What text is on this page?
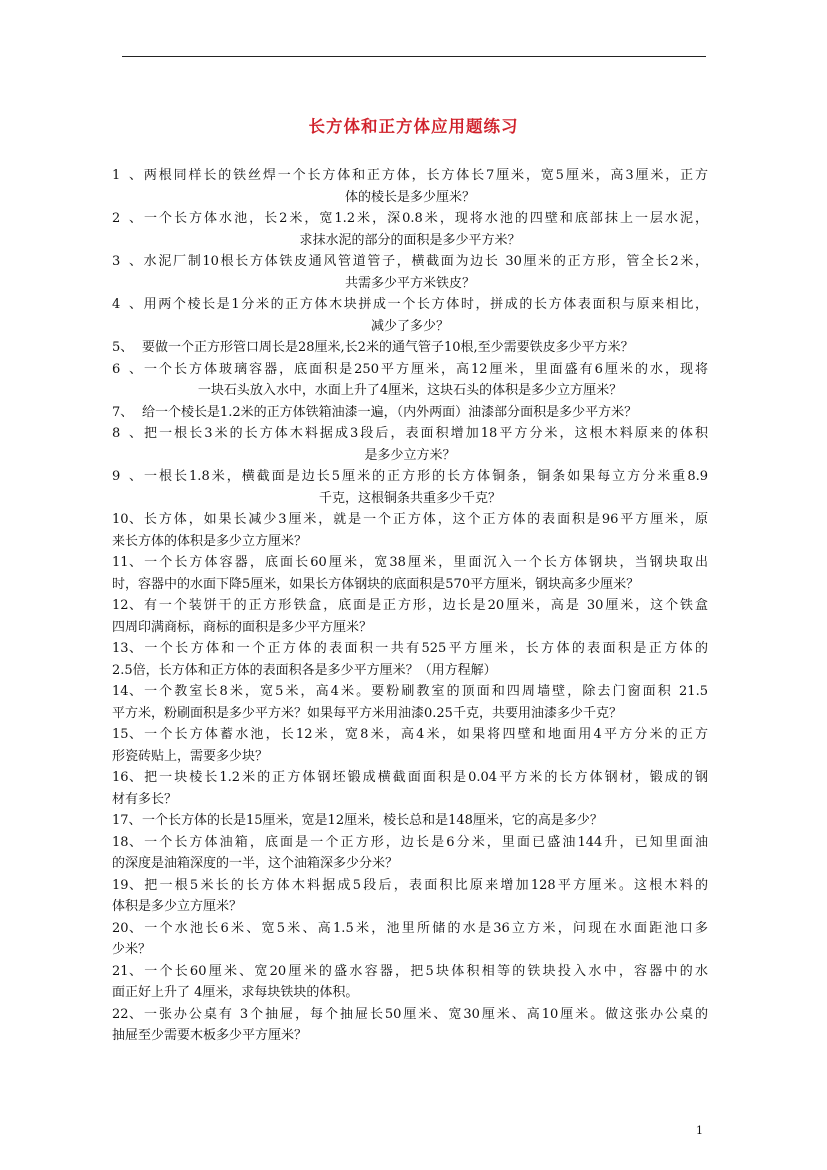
长方体和正方体应用题练习
1、两根同样长的铁丝焊一个长方体和正方体，长方体长7厘米，宽5厘米，高3厘米，正方
体的棱长是多少厘米？
2、一个长方体水池，长2米，宽1.2米，深0.8米，现将水池的四壁和底部抹上一层水泥，
求抹水泥的部分的面积是多少平方米？
3、水泥厂制10根长方体铁皮通风管道管子，横截面为边长 30厘米的正方形，管全长2米，
共需多少平方米铁皮？
4、用两个棱长是1分米的正方体木块拼成一个长方体时，拼成的长方体表面积与原来相比，
减少了多少？
5、 要做一个正方形管口周长是28厘米,长2米的通气管子10根,至少需要铁皮多少平方米？
6、一个长方体玻璃容器，底面积是250平方厘米，高12厘米，里面盛有6厘米的水，现将
一块石头放入水中，水面上升了4厘米，这块石头的体积是多少立方厘米？
7、 给一个棱长是1.2米的正方体铁箱油漆一遍，（内外两面）油漆部分面积是多少平方米？
8、把一根长3米的长方体木料据成3段后，表面积增加18平方分米，这根木料原来的体积
是多少立方米？
9、一根长1.8米，横截面是边长5厘米的正方形的长方体铜条，铜条如果每立方分米重8.9
千克，这根铜条共重多少千克？
10、长方体，如果长减少3厘米，就是一个正方体，这个正方体的表面积是96平方厘米，原
来长方体的体积是多少立方厘米？
11、一个长方体容器，底面长60厘米，宽38厘米，里面沉入一个长方体钢块，当钢块取出
时，容器中的水面下降5厘米，如果长方体钢块的底面积是570平方厘米，钢块高多少厘米？
12、有一个装饼干的正方形铁盒，底面是正方形，边长是20厘米，高是 30厘米，这个铁盒
四周印满商标，商标的面积是多少平方厘米？
13、一个长方体和一个正方体的表面积一共有525平方厘米，长方体的表面积是正方体的
2.5倍，长方体和正方体的表面积各是多少平方厘米？（用方程解）
14、一个教室长8米，宽5米，高4米。要粉刷教室的顶面和四周墙壁，除去门窗面积 21.5
平方米，粉刷面积是多少平方米？如果每平方米用油漆0.25千克，共要用油漆多少千克？
15、一个长方体蓄水池，长12米，宽8米，高4米，如果将四壁和地面用4平方分米的正方
形瓷砖贴上，需要多少块？
16、把一块棱长1.2米的正方体钢坯锻成横截面面积是0.04平方米的长方体钢材，锻成的钢
材有多长？
17、一个长方体的长是15厘米，宽是12厘米，棱长总和是148厘米，它的高是多少？
18、一个长方体油箱，底面是一个正方形，边长是6分米，里面已盛油144升，已知里面油
的深度是油箱深度的一半，这个油箱深多少分米？
19、把一根5米长的长方体木料据成5段后，表面积比原来增加128平方厘米。这根木料的
体积是多少立方厘米？
20、一个水池长6米、宽5米、高1.5米，池里所储的水是36立方米，问现在水面距池口多
少米？
21、一个长60厘米、宽20厘米的盛水容器，把5块体积相等的铁块投入水中，容器中的水
面正好上升了 4厘米，求每块铁块的体积。
22、一张办公桌有 3个抽屉，每个抽屉长50厘米、宽30厘米、高10厘米。做这张办公桌的
抽屉至少需要木板多少平方厘米？
1
